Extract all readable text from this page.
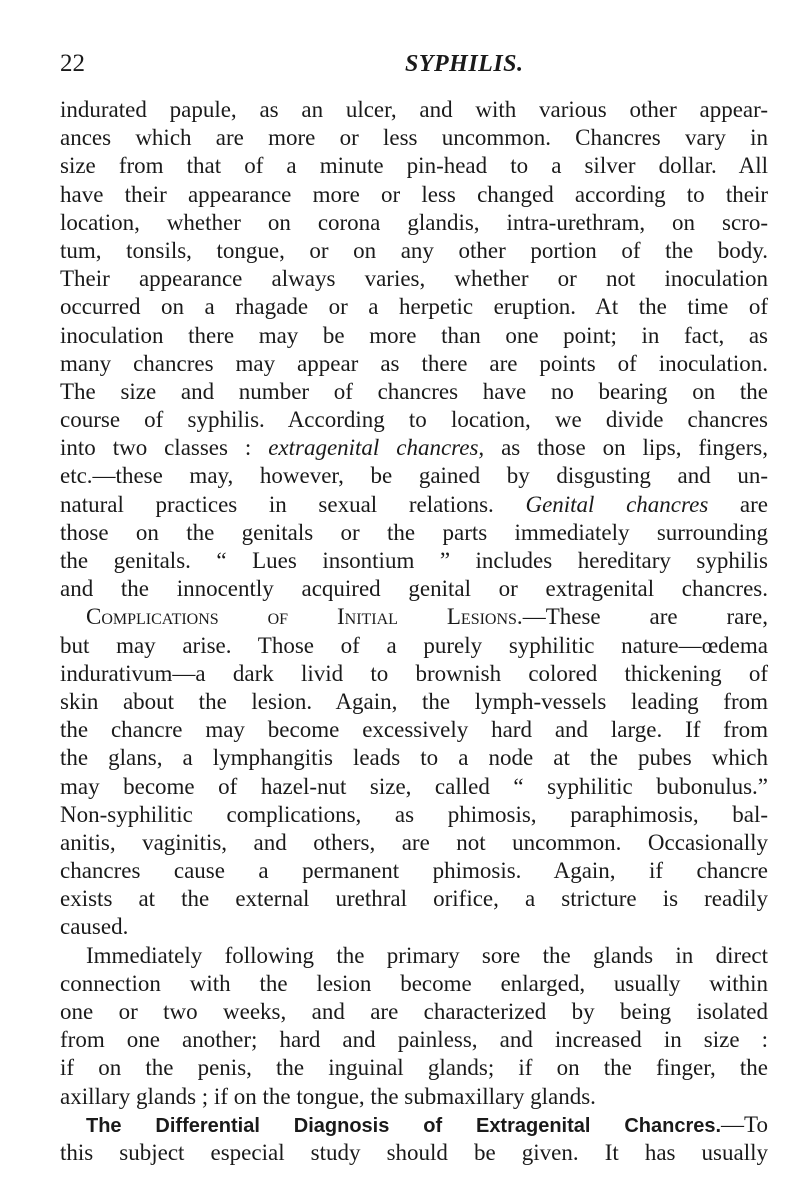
22	SYPHILIS.
indurated papule, as an ulcer, and with various other appear-
ances which are more or less uncommon. Chancres vary in
size from that of a minute pin-head to a silver dollar. All
have their appearance more or less changed according to their
location, whether on corona glandis, intra-urethram, on scro-
tum, tonsils, tongue, or on any other portion of the body.
Their appearance always varies, whether or not inoculation
occurred on a rhagade or a herpetic eruption. At the time of
inoculation there may be more than one point; in fact, as
many chancres may appear as there are points of inoculation.
The size and number of chancres have no bearing on the
course of syphilis. According to location, we divide chancres
into two classes : extragenital chancres, as those on lips, fingers,
etc.—these may, however, be gained by disgusting and un-
natural practices in sexual relations. Genital chancres are
those on the genitals or the parts immediately surrounding
the genitals. “ Lues insontium ” includes hereditary syphilis
and the innocently acquired genital or extragenital chancres.
Complications of Initial Lesions.—These are rare,
but may arise. Those of a purely syphilitic nature—œdema
indurativum—a dark livid to brownish colored thickening of
skin about the lesion. Again, the lymph-vessels leading from
the chancre may become excessively hard and large. If from
the glans, a lymphangitis leads to a node at the pubes which
may become of hazel-nut size, called “ syphilitic bubonulus.”
Non-syphilitic complications, as phimosis, paraphimosis, bal-
anitis, vaginitis, and others, are not uncommon. Occasionally
chancres cause a permanent phimosis. Again, if chancre
exists at the external urethral orifice, a stricture is readily
caused.
Immediately following the primary sore the glands in direct
connection with the lesion become enlarged, usually within
one or two weeks, and are characterized by being isolated
from one another; hard and painless, and increased in size :
if on the penis, the inguinal glands; if on the finger, the
axillary glands ; if on the tongue, the submaxillary glands.
The Differential Diagnosis of Extragenital Chancres.—To
this subject especial study should be given. It has usually
